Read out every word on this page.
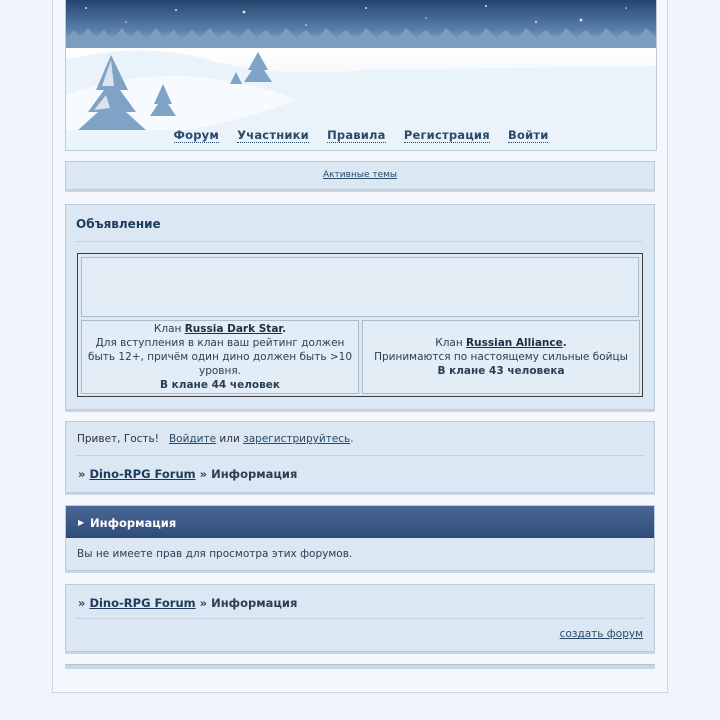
Форум Участники Правила Регистрация Войти
Активные темы
Объявление
Клан Russia Dark Star.
Для вступления в клан ваш рейтинг должен быть 12+, причём один дино должен быть >10 уровня.
В клане 44 человек
Клан Russian Alliance.
Принимаются по настоящему сильные бойцы
В клане 43 человека
Привет, Гость! Войдите или зарегистрируйтесь.
» Dino-RPG Forum » Информация
▶ Информация
Вы не имеете прав для просмотра этих форумов.
» Dino-RPG Forum » Информация
создать форум
